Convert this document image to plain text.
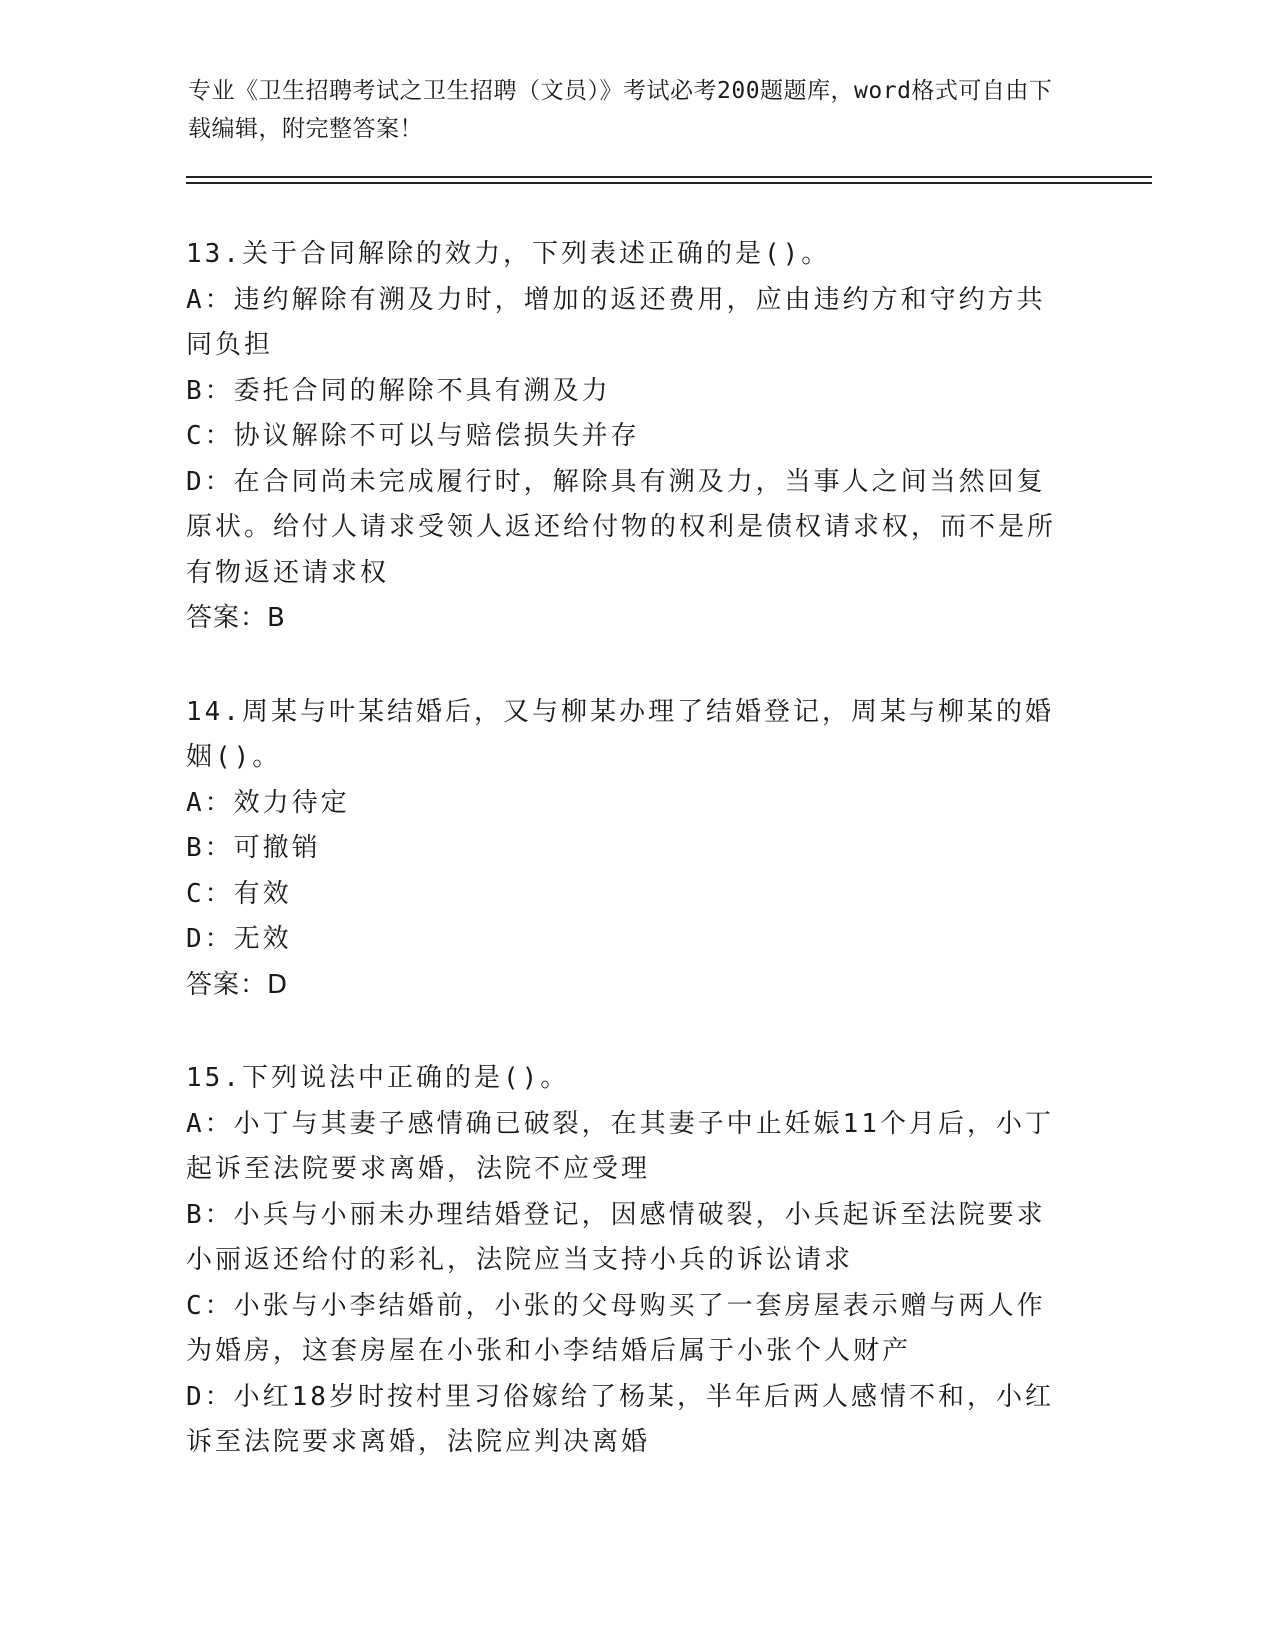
专业《卫生招聘考试之卫生招聘（文员）》考试必考200题题库，word格式可自由下载编辑，附完整答案！

13.关于合同解除的效力，下列表述正确的是()。

A：违约解除有溯及力时，增加的返还费用，应由违约方和守约方共同负担

B：委托合同的解除不具有溯及力

C：协议解除不可以与赔偿损失并存

D：在合同尚未完成履行时，解除具有溯及力，当事人之间当然回复原状。给付人请求受领人返还给付物的权利是债权请求权，而不是所有物返还请求权

答案：B

14.周某与叶某结婚后，又与柳某办理了结婚登记，周某与柳某的婚姻()。

A：效力待定

B：可撤销

C：有效

D：无效

答案：D

15.下列说法中正确的是()。

A：小丁与其妻子感情确已破裂，在其妻子中止妊娠11个月后，小丁起诉至法院要求离婚，法院不应受理

B：小兵与小丽未办理结婚登记，因感情破裂，小兵起诉至法院要求小丽返还给付的彩礼，法院应当支持小兵的诉讼请求

C：小张与小李结婚前，小张的父母购买了一套房屋表示赠与两人作为婚房，这套房屋在小张和小李结婚后属于小张个人财产

D：小红18岁时按村里习俗嫁给了杨某，半年后两人感情不和，小红诉至法院要求离婚，法院应判决离婚
